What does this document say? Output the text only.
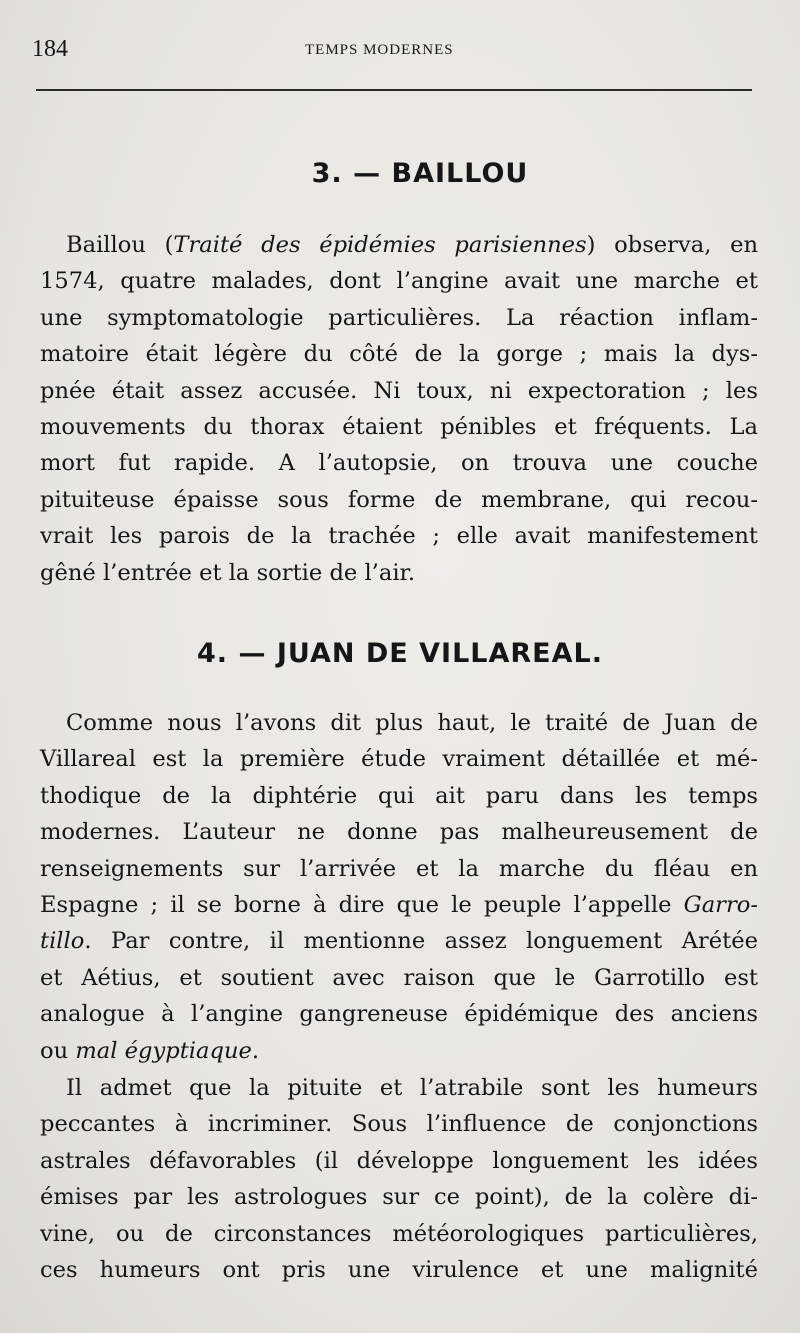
184	TEMPS MODERNES
3. — BAILLOU
Baillou (Traité des épidémies parisiennes) observa, en
1574, quatre malades, dont l’angine avait une marche et
une symptomatologie particulières. La réaction inflam-
matoire était légère du côté de la gorge ; mais la dys-
pnée était assez accusée. Ni toux, ni expectoration ; les
mouvements du thorax étaient pénibles et fréquents. La
mort fut rapide. A l’autopsie, on trouva une couche
pituiteuse épaisse sous forme de membrane, qui recou-
vrait les parois de la trachée ; elle avait manifestement
gêné l’entrée et la sortie de l’air.
4. — JUAN DE VILLAREAL.
Comme nous l’avons dit plus haut, le traité de Juan de
Villareal est la première étude vraiment détaillée et mé-
thodique de la diphtérie qui ait paru dans les temps
modernes. L’auteur ne donne pas malheureusement de
renseignements sur l’arrivée et la marche du fléau en
Espagne ; il se borne à dire que le peuple l’appelle Garro-
tillo. Par contre, il mentionne assez longuement Arétée
et Aétius, et soutient avec raison que le Garrotillo est
analogue à l’angine gangreneuse épidémique des anciens
ou mal égyptiaque.
Il admet que la pituite et l’atrabile sont les humeurs
peccantes à incriminer. Sous l’influence de conjonctions
astrales défavorables (il développe longuement les idées
émises par les astrologues sur ce point), de la colère di-
vine, ou de circonstances météorologiques particulières,
ces humeurs ont pris une virulence et une malignité
